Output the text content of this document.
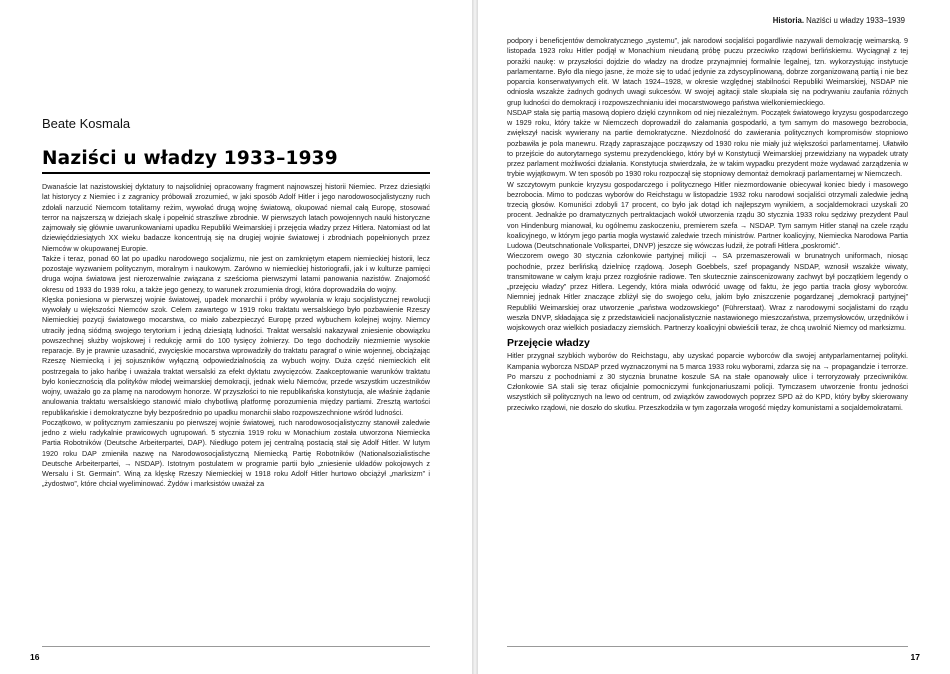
Beate Kosmala
Naziści u władzy 1933–1939

Dwanaście lat nazistowskiej dyktatury to najsolidniej opracowany fragment najnowszej historii Niemiec. Przez dziesiątki lat historycy z Niemiec i z zagranicy próbowali zrozumieć, w jaki sposób Adolf Hitler i jego narodowosocjalistyczny ruch zdołali narzucić Niemcom totalitarny reżim, wywołać drugą wojnę światową, okupować niemal całą Europę, stosować terror na najszerszą w dziejach skalę i popełnić straszliwe zbrodnie. W pierwszych latach powojennych nauki historyczne zajmowały się głównie uwarunkowaniami upadku Republiki Weimarskiej i przejęcia władzy przez Hitlera. Natomiast od lat dziewięćdziesiątych XX wieku badacze koncentrują się na drugiej wojnie światowej i zbrodniach popełnionych przez Niemców w okupowanej Europie.

Także i teraz, ponad 60 lat po upadku narodowego socjalizmu, nie jest on zamkniętym etapem niemieckiej historii, lecz pozostaje wyzwaniem politycznym, moralnym i naukowym. Zarówno w niemieckiej historiografii, jak i w kulturze pamięci druga wojna światowa jest nierozerwalnie związana z sześcioma pierwszymi latami panowania nazistów. Znajomość okresu od 1933 do 1939 roku, a także jego genezy, to warunek zrozumienia drogi, która doprowadziła do wojny.

Klęska poniesiona w pierwszej wojnie światowej, upadek monarchii i próby wywołania w kraju socjalistycznej rewolucji wywołały u większości Niemców szok. Celem zawartego w 1919 roku traktatu wersalskiego było pozbawienie Rzeszy Niemieckiej pozycji światowego mocarstwa, co miało zabezpieczyć Europę przed wybuchem kolejnej wojny. Niemcy utraciły jedną siódmą swojego terytorium i jedną dziesiątą ludności. Traktat wersalski nakazywał zniesienie obowiązku powszechnej służby wojskowej i redukcję armii do 100 tysięcy żołnierzy. Do tego dochodziły niezmiernie wysokie reparacje. By je prawnie uzasadnić, zwycięskie mocarstwa wprowadziły do traktatu paragraf o winie wojennej, obciążając Rzeszę Niemiecką i jej sojuszników wyłączną odpowiedzialnością za wybuch wojny. Duża część niemieckich elit postrzegała to jako hańbę i uważała traktat wersalski za efekt dyktatu zwycięzców. Zaakceptowanie warunków traktatu było koniecznością dla polityków młodej weimarskiej demokracji, jednak wielu Niemców, przede wszystkim uczestników wojny, uważało go za plamę na narodowym honorze. W przyszłości to nie republikańska konstytucja, ale właśnie żądanie anulowania traktatu wersalskiego stanowić miało chybotliwą platformę porozumienia między partiami. Zresztą wartości republikańskie i demokratyczne były bezpośrednio po upadku monarchii słabo rozpowszechnione wśród ludności.

Początkowo, w politycznym zamieszaniu po pierwszej wojnie światowej, ruch narodowosocjalistyczny stanowił zaledwie jedno z wielu radykalnie prawicowych ugrupowań. 5 stycznia 1919 roku w Monachium została utworzona Niemiecka Partia Robotników (Deutsche Arbeiterpartei, DAP). Niedługo potem jej centralną postacią stał się Adolf Hitler. W lutym 1920 roku DAP zmieniła nazwę na Narodowosocjalistyczną Niemiecką Partię Robotników (Nationalsozialistische Deutsche Arbeiterpartei, → NSDAP). Istotnym postulatem w programie partii było „zniesienie układów pokojowych z Wersalu i St. Germain”. Winą za klęskę Rzeszy Niemieckiej w 1918 roku Adolf Hitler hurtowo obciążył „marksizm” i „żydostwo”, które chciał wyeliminować. Żydów i marksistów uważał za

16
Historia. Naziści u władzy 1933–1939

podpory i beneficjentów demokratycznego „systemu”, jak narodowi socjaliści pogardliwie nazywali demokrację weimarską. 9 listopada 1923 roku Hitler podjął w Monachium nieudaną próbę puczu przeciwko rządowi berlińskiemu. Wyciągnął z tej porażki naukę: w przyszłości dojdzie do władzy na drodze przynajmniej formalnie legalnej, tzn. wykorzystując instytucje parlamentarne. Było dla niego jasne, że może się to udać jedynie za zdyscyplinowaną, dobrze zorganizowaną partią i nie bez poparcia konserwatywnych elit. W latach 1924–1928, w okresie względnej stabilności Republiki Weimarskiej, NSDAP nie odniosła wszakże żadnych godnych uwagi sukcesów. W swojej agitacji stale skupiała się na podrywaniu zaufania różnych grup ludności do demokracji i rozpowszechnianiu idei mocarstwowego państwa wielkoniemieckiego.

NSDAP stała się partią masową dopiero dzięki czynnikom od niej niezależnym. Początek światowego kryzysu gospodarczego w 1929 roku, który także w Niemczech doprowadził do załamania gospodarki, a tym samym do masowego bezrobocia, zwiększył nacisk wywierany na partie demokratyczne. Niezdolność do zawierania politycznych kompromisów stopniowo pozbawiła je pola manewru. Rządy zapraszające począwszy od 1930 roku nie miały już większości parlamentarnej. Ułatwiło to przejście do autorytarnego systemu prezydenckiego, który był w Konstytucji Weimarskiej przewidziany na wypadek utraty przez parlament możliwości działania. Konstytucja stwierdzała, że w takim wypadku prezydent może wydawać zarządzenia w trybie wyjątkowym. W ten sposób po 1930 roku rozpoczął się stopniowy demontaż demokracji parlamentarnej w Niemczech.

W szczytowym punkcie kryzysu gospodarczego i politycznego Hitler niezmordowanie obiecywał koniec biedy i masowego bezrobocia. Mimo to podczas wyborów do Reichstagu w listopadzie 1932 roku narodowi socjaliści otrzymali zaledwie jedną trzecią głosów. Komuniści zdobyli 17 procent, co było jak dotąd ich najlepszym wynikiem, a socjaldemokraci uzyskali 20 procent. Jednakże po dramatycznych pertraktacjach wokół utworzenia rządu 30 stycznia 1933 roku sędziwy prezydent Paul von Hindenburg mianował, ku ogólnemu zaskoczeniu, premierem szefa → NSDAP. Tym samym Hitler stanął na czele rządu koalicyjnego, w którym jego partia mogła wystawić zaledwie trzech ministrów. Partner koalicyjny, Niemiecka Narodowa Partia Ludowa (Deutschnationale Volkspartei, DNVP) jeszcze się wówczas łudził, że potrafi Hitlera „poskromić”.

Wieczorem owego 30 stycznia członkowie partyjnej milicji → SA przemaszerowali w brunatnych uniformach, niosąc pochodnie, przez berlińską dzielnicę rządową. Joseph Goebbels, szef propagandy NSDAP, wznosił wszakże wiwaty, transmitowane w całym kraju przez rozgłośnie radiowe. Ten skutecznie zainscenizowany zachwyt był początkiem legendy o „przejęciu władzy” przez Hitlera. Legendy, która miała odwrócić uwagę od faktu, że jego partia tracła głosy wyborców. Niemniej jednak Hitler znaczące zbliżył się do swojego celu, jakim było zniszczenie pogardzanej „demokracji partyjnej” Republiki Weimarskiej oraz utworzenie „państwa wodzowskiego” (Führerstaat). Wraz z narodowymi socjalistami do rządu weszła DNVP, składająca się z przedstawicieli nacjonalistycznie nastawionego mieszczaństwa, przemysłowców, urzędników i wojskowych oraz wielkich posiadaczy ziemskich. Partnerzy koalicyjni obwieścili teraz, że chcą uwolnić Niemcy od marksizmu.

Przejęcie władzy

Hitler przygnał szybkich wyborów do Reichstagu, aby uzyskać poparcie wyborców dla swojej antyparlamentarnej polityki. Kampania wyborcza NSDAP przed wyznaczonymi na 5 marca 1933 roku wyborami, zdarza się na → propagandzie i terrorze. Po marszu z pochodniami z 30 stycznia brunatne koszule SA na stałe opanowały ulice i terroryzowały przeciwników. Członkowie SA stali się teraz oficjalnie pomocniczymi funkcjonariuszami policji. Tymczasem utworzenie frontu jedności wszystkich sił politycznych na lewo od centrum, od związków zawodowych poprzez SPD aż do KPD, który byłby skierowany przeciwko rządowi, nie doszło do skutku. Przeszkodziła w tym zagorzała wrogość między komunistami a socjaldemokratami.

17
